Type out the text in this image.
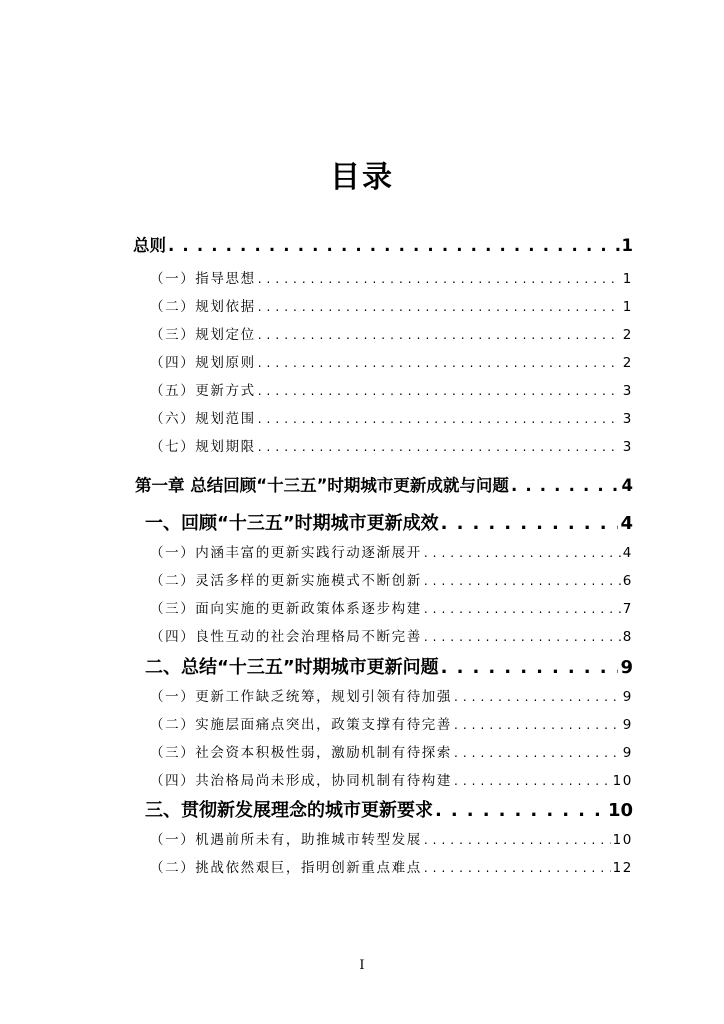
目录
总则 . . .	1
（一）指导思想 . . .	1
（二）规划依据 . . .	1
（三）规划定位 . . .	2
（四）规划原则 . . .	2
（五）更新方式 . . .	3
（六）规划范围 . . .	3
（七）规划期限 . . .	3
第一章 总结回顾“十三五”时期城市更新成就与问题 . . .	4
一、回顾“十三五”时期城市更新成效 . . .	4
（一）内涵丰富的更新实践行动逐渐展开 . . .	4
（二）灵活多样的更新实施模式不断创新 . . .	6
（三）面向实施的更新政策体系逐步构建 . . .	7
（四）良性互动的社会治理格局不断完善 . . .	8
二、总结“十三五”时期城市更新问题 . . .	9
（一）更新工作缺乏统筹，规划引领有待加强 . . .	9
（二）实施层面痛点突出，政策支撑有待完善 . . .	9
（三）社会资本积极性弱，激励机制有待探索 . . .	9
（四）共治格局尚未形成，协同机制有待构建 . . .	10
三、贯彻新发展理念的城市更新要求 . . .	10
（一）机遇前所未有，助推城市转型发展 . . .	10
（二）挑战依然艰巨，指明创新重点难点 . . .	12
I
